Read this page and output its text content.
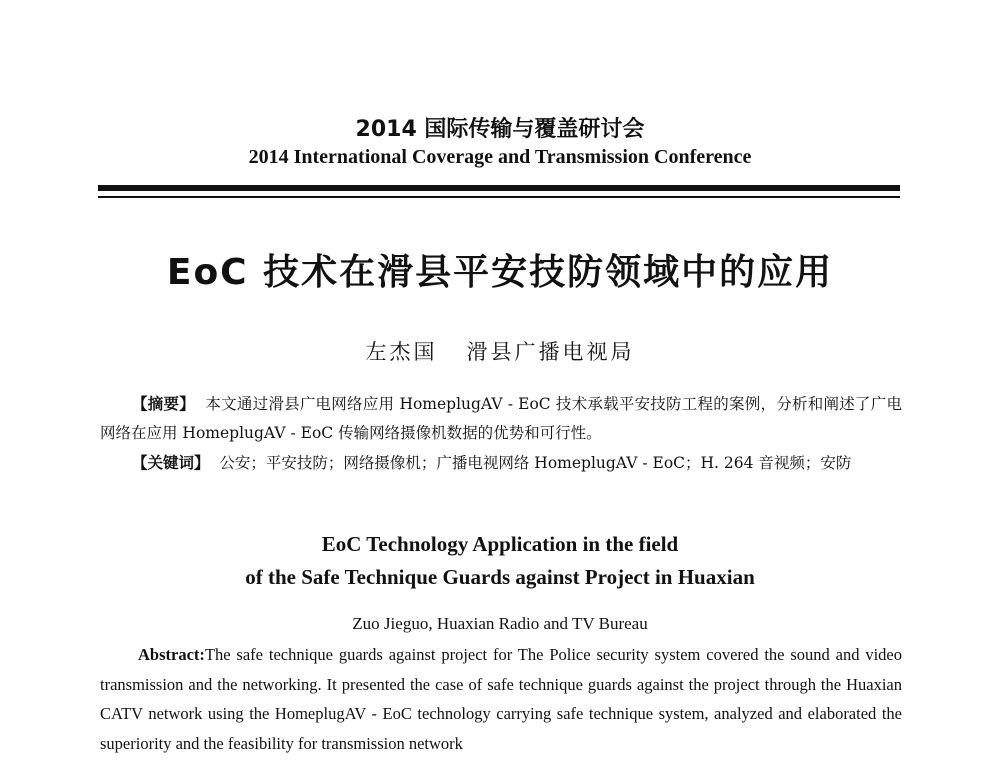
2014 国际传输与覆盖研讨会
2014 International Coverage and Transmission Conference
EoC 技术在滑县平安技防领域中的应用
左杰国 滑县广播电视局
【摘要】 本文通过滑县广电网络应用 HomeplugAV - EoC 技术承载平安技防工程的案例，分析和阐述了广电网络在应用 HomeplugAV - EoC 传输网络摄像机数据的优势和可行性。
【关键词】 公安；平安技防；网络摄像机；广播电视网络 HomeplugAV - EoC；H. 264 音视频；安防
EoC Technology Application in the field
of the Safe Technique Guards against Project in Huaxian
Zuo Jieguo, Huaxian Radio and TV Bureau
Abstract:The safe technique guards against project for The Police security system covered the sound and video transmission and the networking. It presented the case of safe technique guards against the project through the Huaxian CATV network using the HomeplugAV - EoC technology carrying safe technique system, analyzed and elaborated the superiority and the feasibility for transmission network
